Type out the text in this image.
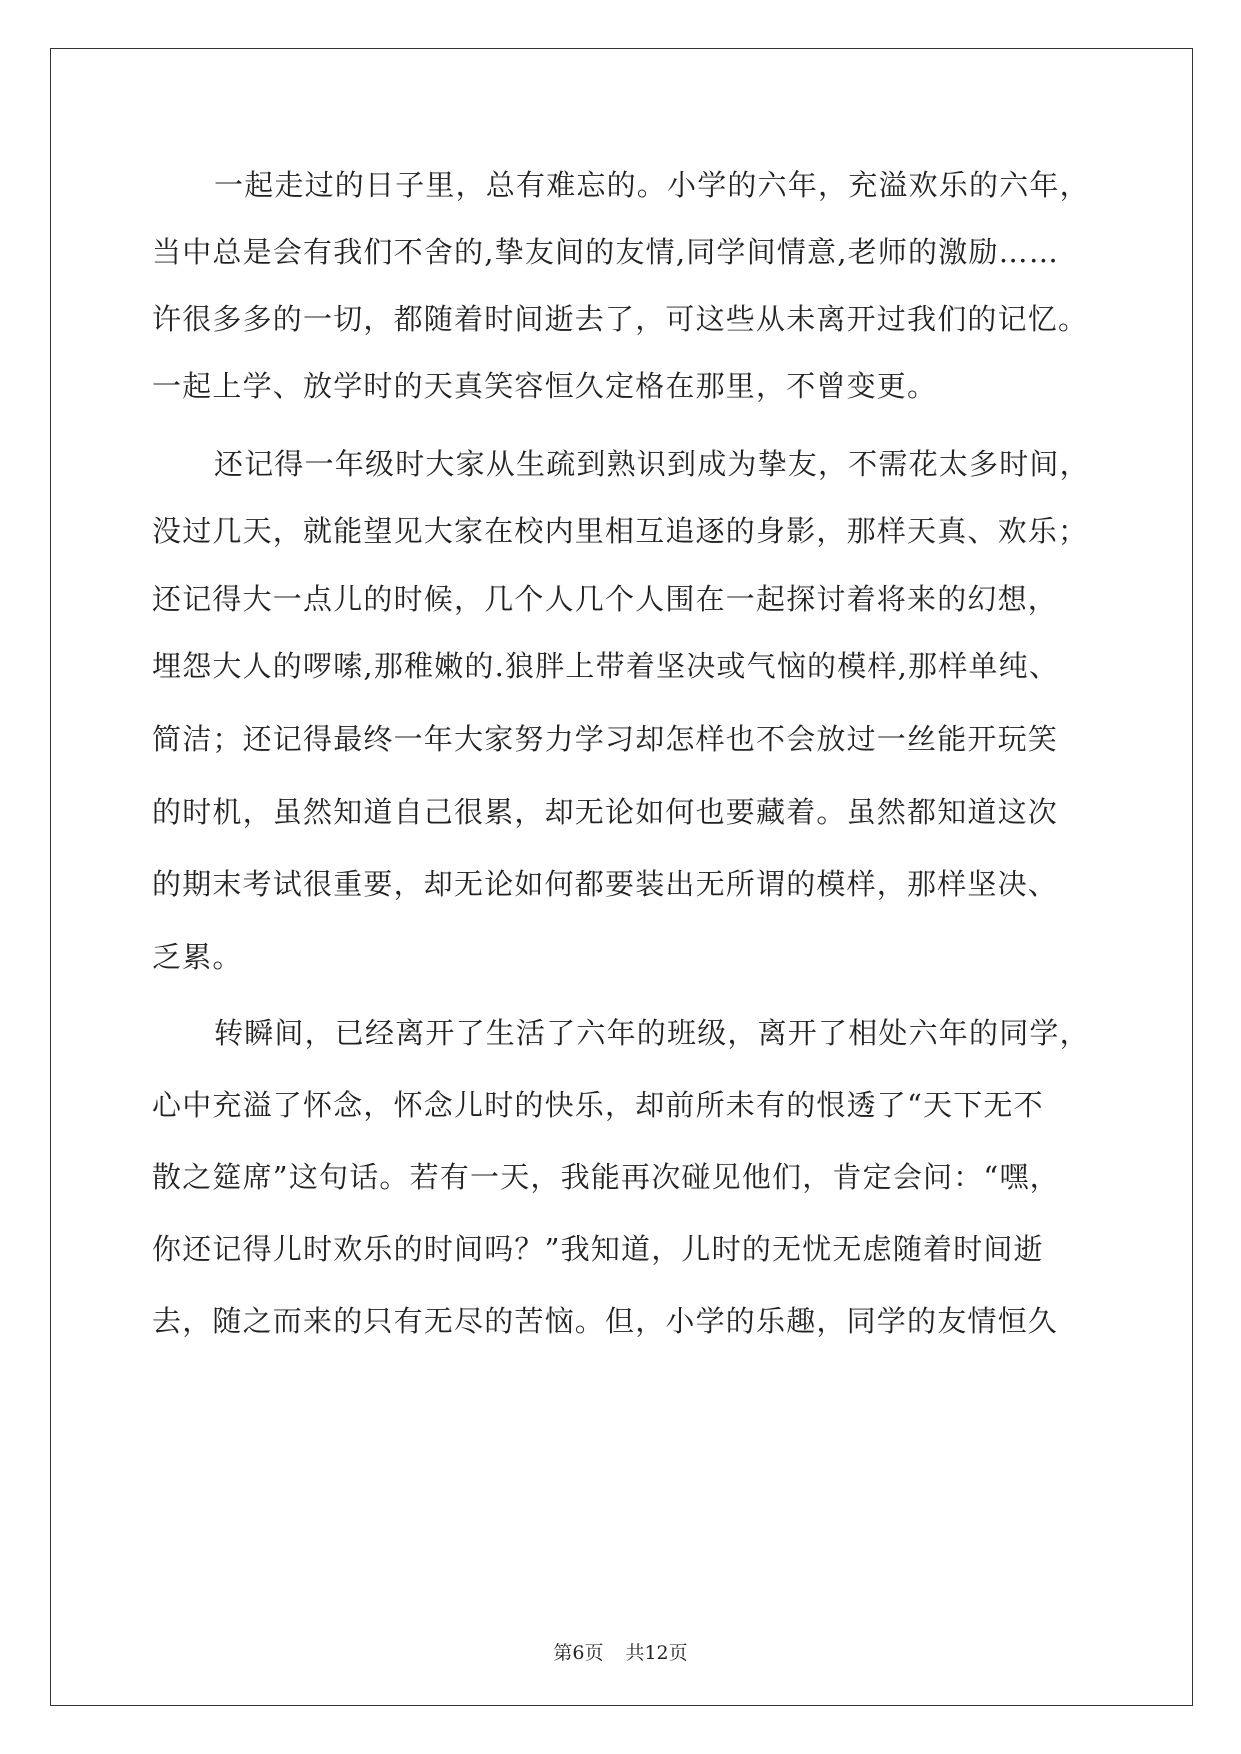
一起走过的日子里，总有难忘的。小学的六年，充溢欢乐的六年，
当中总是会有我们不舍的,挚友间的友情,同学间情意,老师的激励……
许很多多的一切，都随着时间逝去了，可这些从未离开过我们的记忆。
一起上学、放学时的天真笑容恒久定格在那里，不曾变更。
还记得一年级时大家从生疏到熟识到成为挚友，不需花太多时间，
没过几天，就能望见大家在校内里相互追逐的身影，那样天真、欢乐；
还记得大一点儿的时候，几个人几个人围在一起探讨着将来的幻想，
埋怨大人的啰嗦,那稚嫩的.狼胖上带着坚决或气恼的模样,那样单纯、
简洁；还记得最终一年大家努力学习却怎样也不会放过一丝能开玩笑
的时机，虽然知道自己很累，却无论如何也要藏着。虽然都知道这次
的期末考试很重要，却无论如何都要装出无所谓的模样，那样坚决、
乏累。
转瞬间，已经离开了生活了六年的班级，离开了相处六年的同学，
心中充溢了怀念，怀念儿时的快乐，却前所未有的恨透了“天下无不
散之筵席”这句话。若有一天，我能再次碰见他们，肯定会问：“嘿，
你还记得儿时欢乐的时间吗？”我知道，儿时的无忧无虑随着时间逝
去，随之而来的只有无尽的苦恼。但，小学的乐趣，同学的友情恒久
第6页 共12页
